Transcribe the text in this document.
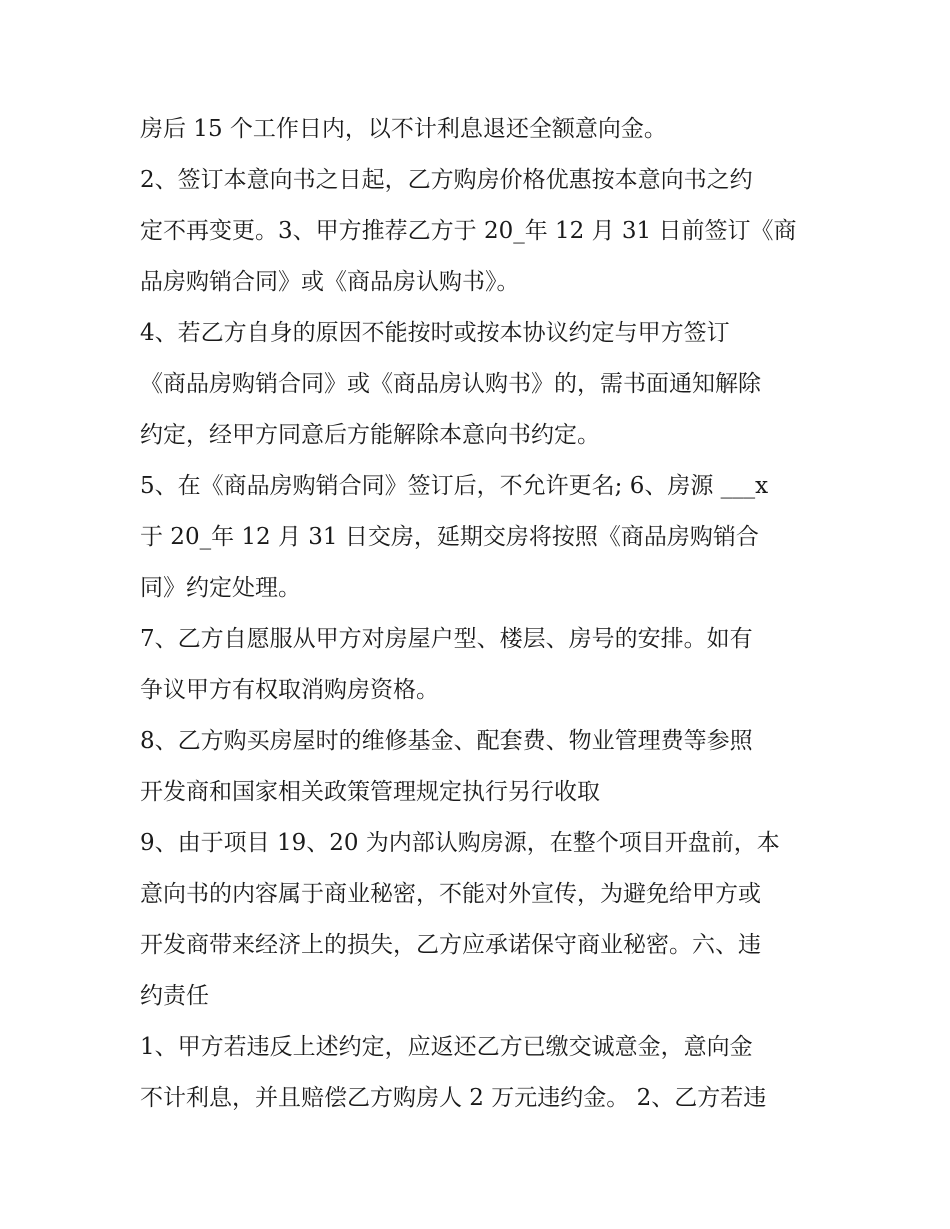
房后 15 个工作日内，以不计利息退还全额意向金。
2、签订本意向书之日起，乙方购房价格优惠按本意向书之约
定不再变更。3、甲方推荐乙方于 20_年 12 月 31 日前签订《商
品房购销合同》或《商品房认购书》。
4、若乙方自身的原因不能按时或按本协议约定与甲方签订
《商品房购销合同》或《商品房认购书》的，需书面通知解除
约定，经甲方同意后方能解除本意向书约定。
5、在《商品房购销合同》签订后，不允许更名; 6、房源 ___x
于 20_年 12 月 31 日交房，延期交房将按照《商品房购销合
同》约定处理。
7、乙方自愿服从甲方对房屋户型、楼层、房号的安排。如有
争议甲方有权取消购房资格。
8、乙方购买房屋时的维修基金、配套费、物业管理费等参照
开发商和国家相关政策管理规定执行另行收取
9、由于项目 19、20 为内部认购房源，在整个项目开盘前，本
意向书的内容属于商业秘密，不能对外宣传，为避免给甲方或
开发商带来经济上的损失，乙方应承诺保守商业秘密。六、违
约责任
1、甲方若违反上述约定，应返还乙方已缴交诚意金，意向金
不计利息，并且赔偿乙方购房人 2 万元违约金。 2、乙方若违
